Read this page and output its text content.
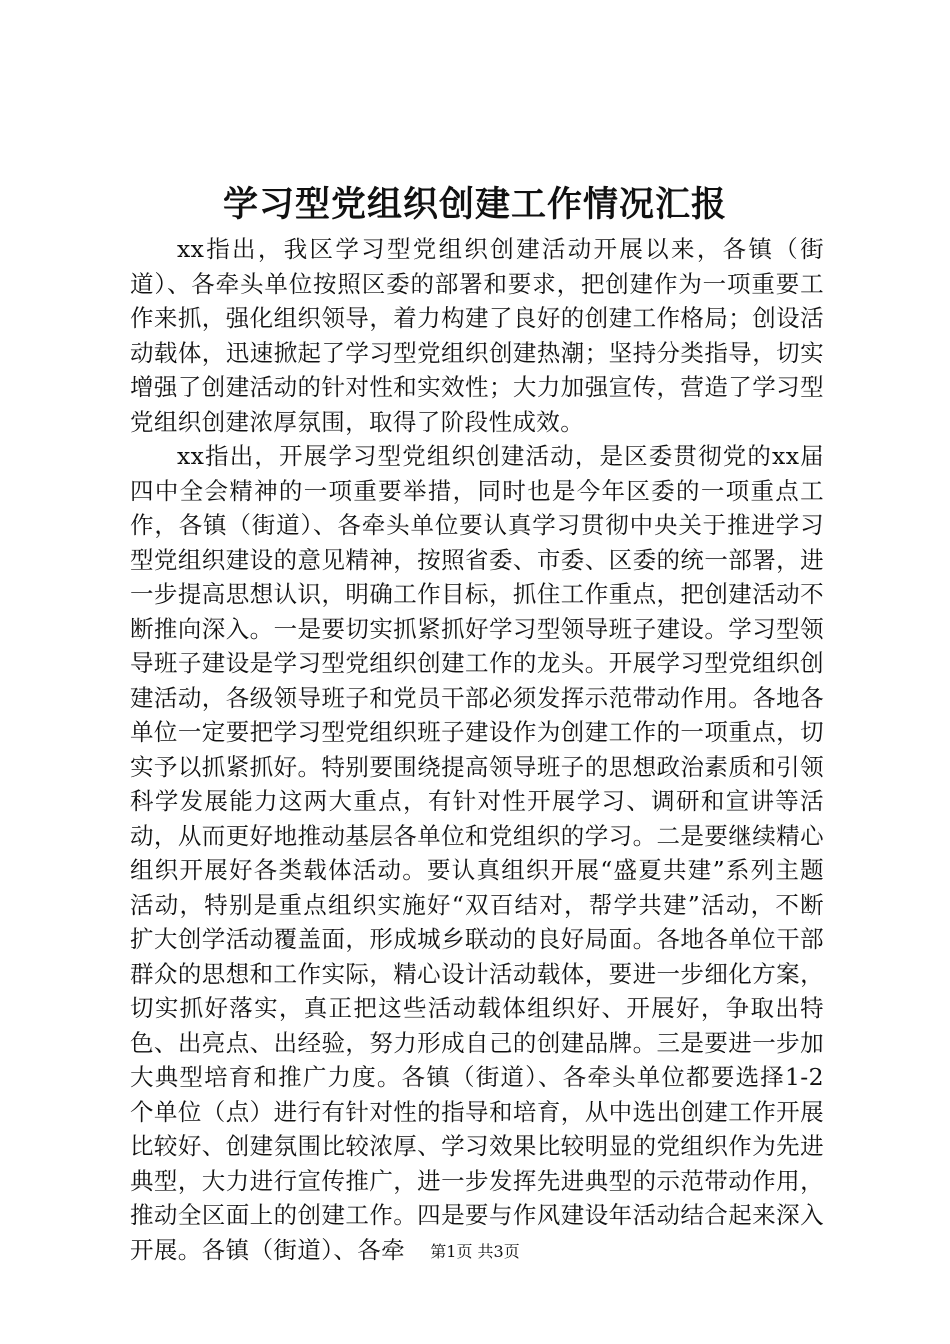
学习型党组织创建工作情况汇报

xx指出，我区学习型党组织创建活动开展以来，各镇（街道）、各牵头单位按照区委的部署和要求，把创建作为一项重要工作来抓，强化组织领导，着力构建了良好的创建工作格局；创设活动载体，迅速掀起了学习型党组织创建热潮；坚持分类指导，切实增强了创建活动的针对性和实效性；大力加强宣传，营造了学习型党组织创建浓厚氛围，取得了阶段性成效。

xx指出，开展学习型党组织创建活动，是区委贯彻党的xx届四中全会精神的一项重要举措，同时也是今年区委的一项重点工作，各镇（街道）、各牵头单位要认真学习贯彻中央关于推进学习型党组织建设的意见精神，按照省委、市委、区委的统一部署，进一步提高思想认识，明确工作目标，抓住工作重点，把创建活动不断推向深入。一是要切实抓紧抓好学习型领导班子建设。学习型领导班子建设是学习型党组织创建工作的龙头。开展学习型党组织创建活动，各级领导班子和党员干部必须发挥示范带动作用。各地各单位一定要把学习型党组织班子建设作为创建工作的一项重点，切实予以抓紧抓好。特别要围绕提高领导班子的思想政治素质和引领科学发展能力这两大重点，有针对性开展学习、调研和宣讲等活动，从而更好地推动基层各单位和党组织的学习。二是要继续精心组织开展好各类载体活动。要认真组织开展“盛夏共建”系列主题活动，特别是重点组织实施好“双百结对，帮学共建”活动，不断扩大创学活动覆盖面，形成城乡联动的良好局面。各地各单位干部群众的思想和工作实际，精心设计活动载体，要进一步细化方案，切实抓好落实，真正把这些活动载体组织好、开展好，争取出特色、出亮点、出经验，努力形成自己的创建品牌。三是要进一步加大典型培育和推广力度。各镇（街道）、各牵头单位都要选择1-2个单位（点）进行有针对性的指导和培育，从中选出创建工作开展比较好、创建氛围比较浓厚、学习效果比较明显的党组织作为先进典型，大力进行宣传推广，进一步发挥先进典型的示范带动作用，推动全区面上的创建工作。四是要与作风建设年活动结合起来深入开展。各镇（街道）、各牵	第1页 共3页
